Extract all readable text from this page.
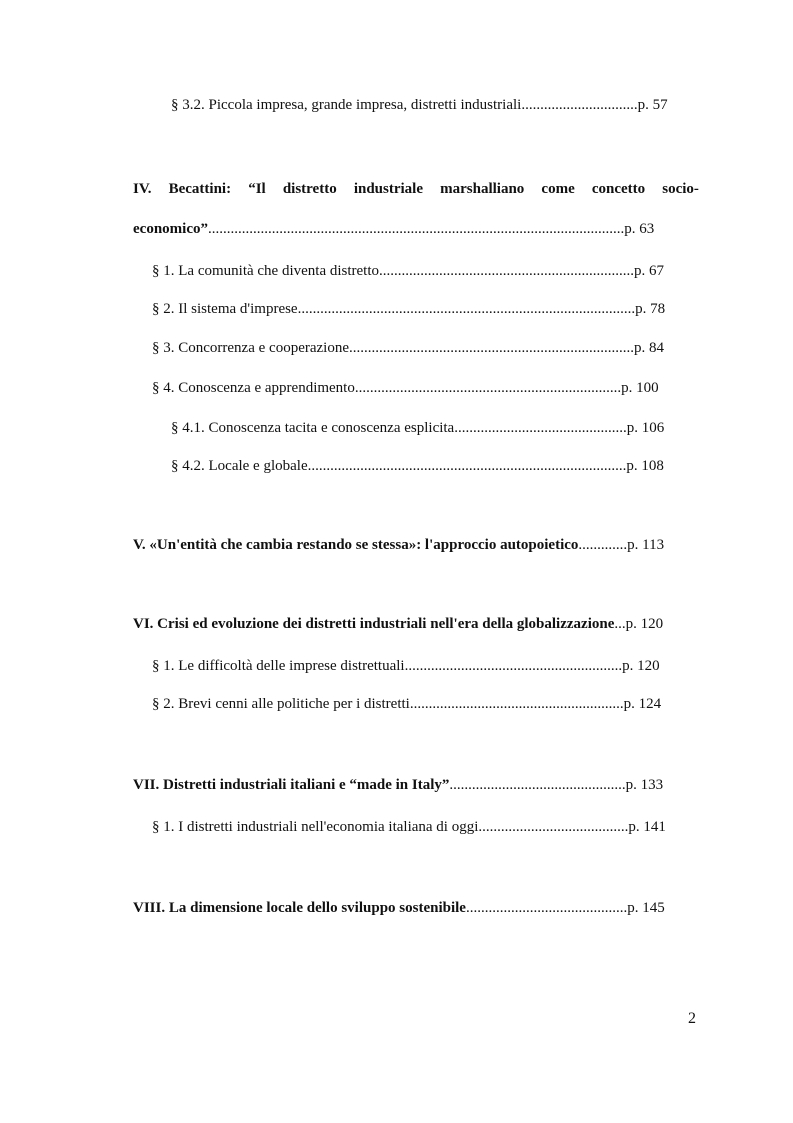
§ 3.2. Piccola impresa, grande impresa, distretti industriali...............................p. 57
IV. Becattini: “Il distretto industriale marshalliano come concetto socio-
economico”...............................................................................................................p. 63
§ 1. La comunità che diventa distretto....................................................................p. 67
§ 2. Il sistema d'imprese..........................................................................................p. 78
§ 3. Concorrenza e cooperazione............................................................................p. 84
§ 4. Conoscenza e apprendimento.......................................................................p. 100
§ 4.1. Conoscenza tacita e conoscenza esplicita..............................................p. 106
§ 4.2. Locale e globale.....................................................................................p. 108
V. «Un'entità che cambia restando se stessa»: l'approccio autopoietico.............p. 113
VI. Crisi ed evoluzione dei distretti industriali nell'era della globalizzazione...p. 120
§ 1. Le difficoltà delle imprese distrettuali..........................................................p. 120
§ 2. Brevi cenni alle politiche per i distretti.........................................................p. 124
VII. Distretti industriali italiani e “made in Italy”...............................................p. 133
§ 1. I distretti industriali nell'economia italiana di oggi........................................p. 141
VIII. La dimensione locale dello sviluppo sostenibile...........................................p. 145
2
